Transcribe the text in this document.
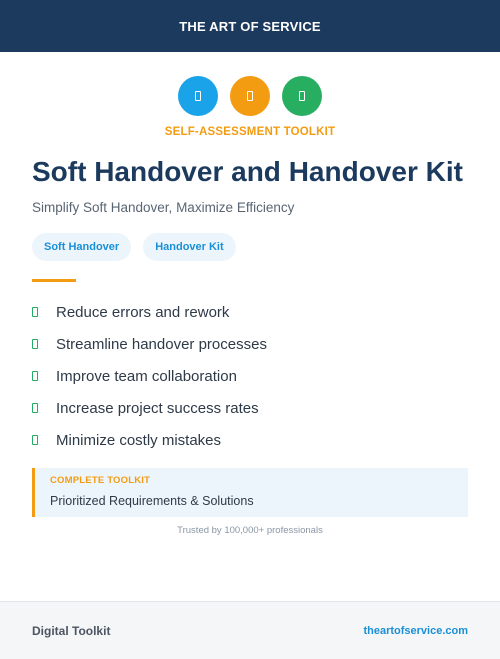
THE ART OF SERVICE
SELF-ASSESSMENT TOOLKIT
Soft Handover and Handover Kit

Simplify Soft Handover, Maximize Efficiency

Soft Handover	Handover Kit
Reduce errors and rework
Streamline handover processes
Improve team collaboration
Increase project success rates
Minimize costly mistakes
COMPLETE TOOLKIT
Prioritized Requirements & Solutions
Trusted by 100,000+ professionals
Digital Toolkit	theartofservice.com
